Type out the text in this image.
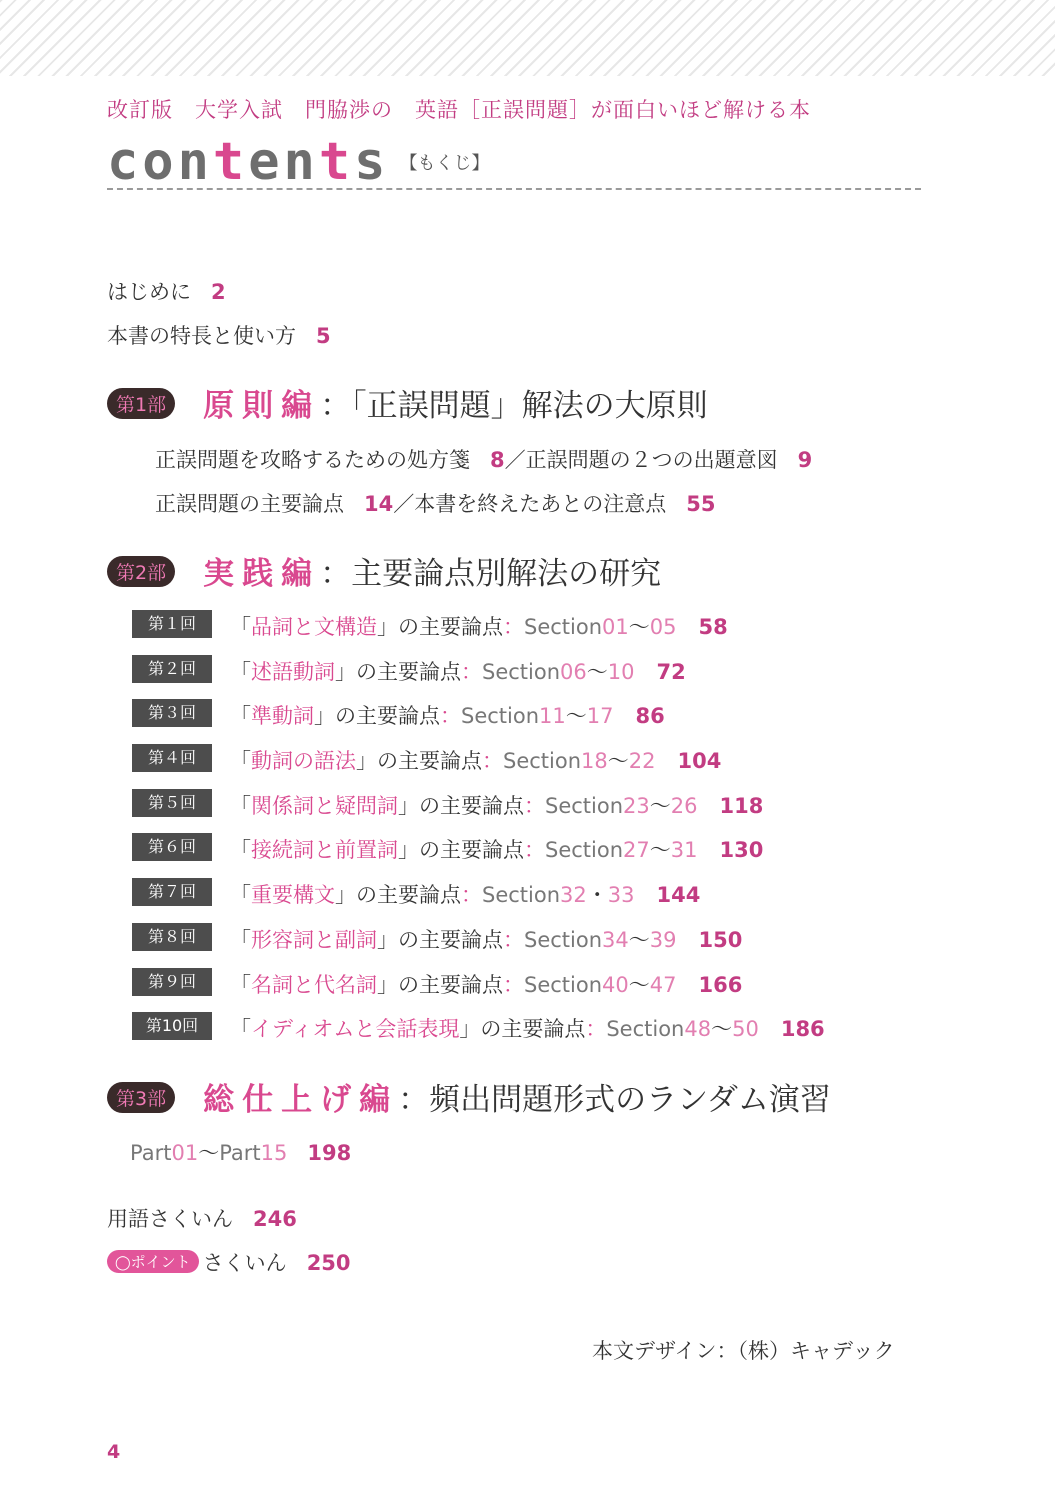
改訂版　大学入試　門脇渉の　英語［正誤問題］が面白いほど解ける本
contents 【もくじ】
はじめに 2
本書の特長と使い方 5
第1部 原則編：「正誤問題」解法の大原則
正誤問題を攻略するための処方箋 8／正誤問題の２つの出題意図 9
正誤問題の主要論点 14／本書を終えたあとの注意点 55
第2部 実践編：主要論点別解法の研究
第１回	「品詞と文構造」の主要論点：Section01〜05 58
第２回	「述語動詞」の主要論点：Section06〜10 72
第３回	「準動詞」の主要論点：Section11〜17 86
第４回	「動詞の語法」の主要論点：Section18〜22 104
第５回	「関係詞と疑問詞」の主要論点：Section23〜26 118
第６回	「接続詞と前置詞」の主要論点：Section27〜31 130
第７回	「重要構文」の主要論点：Section32・33 144
第８回	「形容詞と副詞」の主要論点：Section34〜39 150
第９回	「名詞と代名詞」の主要論点：Section40〜47 166
第10回	「イディオムと会話表現」の主要論点：Section48〜50 186
第3部 総仕上げ編：頻出問題形式のランダム演習
Part01〜Part15 198
用語さくいん 246
◯ポイント さくいん 250
本文デザイン：（株）キャデック
4
